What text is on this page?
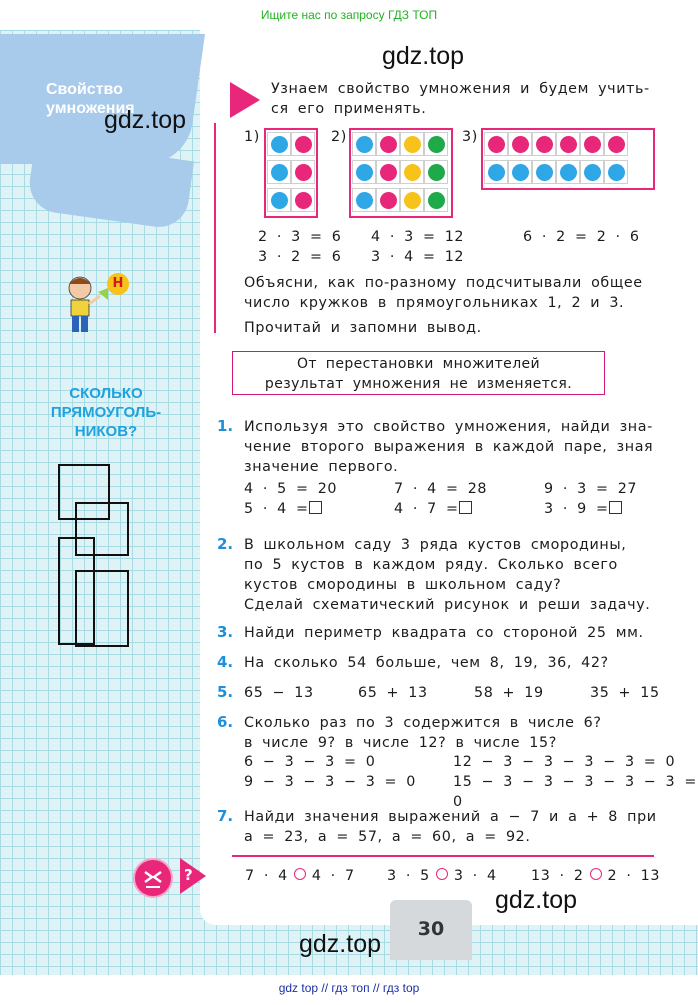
Ищите нас по запросу ГДЗ ТОП
Свойство
умножения
gdz.top
Н
СКОЛЬКО
ПРЯМОУГОЛЬ-
НИКОВ?
gdz.top
Узнаем свойство умножения и будем учить-
ся его применять.
1)	2)	3)
2 · 3 = 6
3 · 2 = 6
4 · 3 = 12
3 · 4 = 12
6 · 2 = 2 · 6
Объясни, как по-разному подсчитывали общее
число кружков в прямоугольниках 1, 2 и 3.
Прочитай и запомни вывод.
От перестановки множителей
результат умножения не изменяется.
1. Используя это свойство умножения, найди зна-
чение второго выражения в каждой паре, зная
значение первого.
4 · 5 = 20
5 · 4 =
7 · 4 = 28
4 · 7 =
9 · 3 = 27
3 · 9 =
2. В школьном саду 3 ряда кустов смородины,
по 5 кустов в каждом ряду. Сколько всего
кустов смородины в школьном саду?
Сделай схематический рисунок и реши задачу.
3. Найди периметр квадрата со стороной 25 мм.
4. На сколько 54 больше, чем 8, 19, 36, 42?
5. 65 − 13	65 + 13	58 + 19	35 + 15
6. Сколько раз по 3 содержится в числе 6?
в числе 9? в числе 12? в числе 15?
6 − 3 − 3 = 0
9 − 3 − 3 − 3 = 0
12 − 3 − 3 − 3 − 3 = 0
15 − 3 − 3 − 3 − 3 − 3 = 0
7. Найди значения выражений a − 7 и a + 8 при
a = 23, a = 57, a = 60, a = 92.
?	7 · 4 4 · 7 3 · 5 3 · 4 13 · 2 2 · 13
gdz.top
30
gdz.top
gdz top // гдз топ // гдз top
